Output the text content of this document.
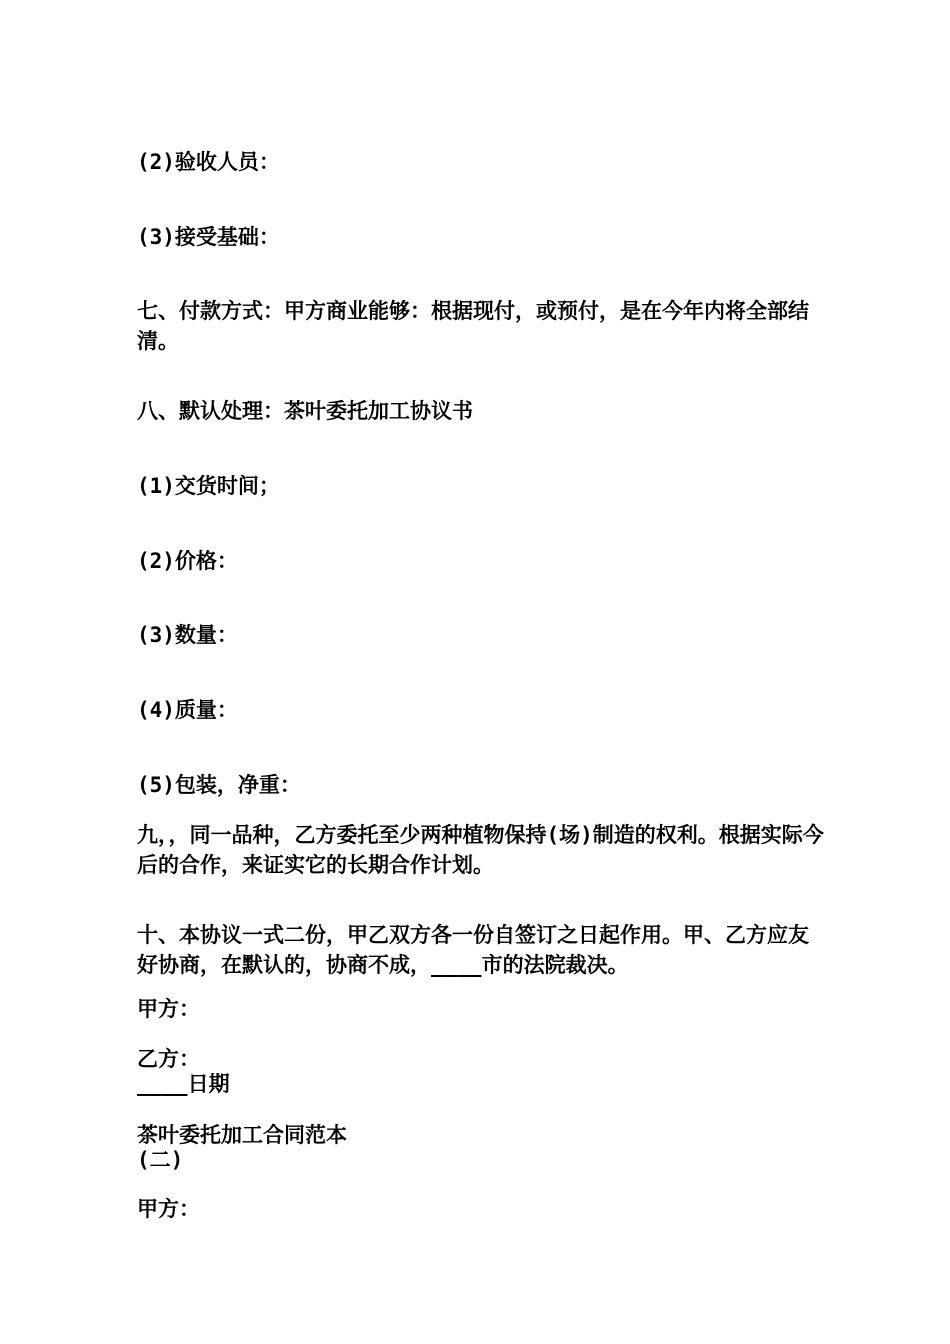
(2)验收人员：
(3)接受基础：
七、付款方式：甲方商业能够：根据现付，或预付，是在今年内将全部结清。
八、默认处理：茶叶委托加工协议书
(1)交货时间；
(2)价格：
(3)数量：
(4)质量：
(5)包装，净重：
九，，同一品种，乙方委托至少两种植物保持(场)制造的权利。根据实际今后的合作，来证实它的长期合作计划。
十、本协议一式二份，甲乙双方各一份自签订之日起作用。甲、乙方应友好协商，在默认的，协商不成，____市的法院裁决。
甲方：
乙方：
____日期
茶叶委托加工合同范本
(二)
甲方：
